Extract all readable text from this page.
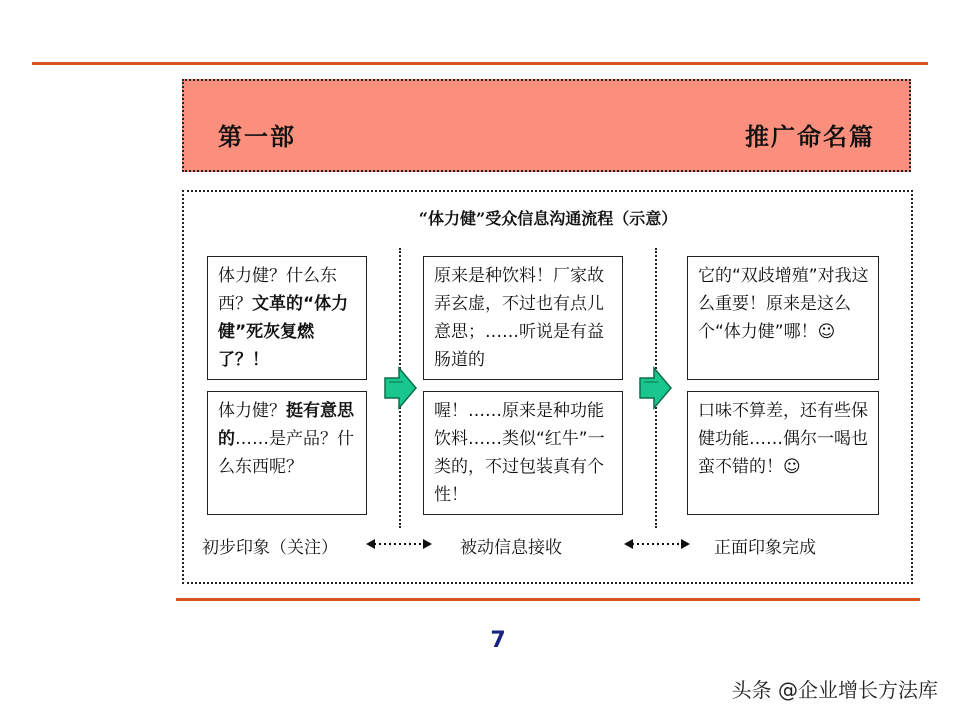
第一部	推广命名篇
“体力健”受众信息沟通流程（示意）
体力健？什么东西？文革的“体力健”死灰复燃了？！
体力健？挺有意思的……是产品？什么东西呢？
原来是种饮料！厂家故弄玄虚，不过也有点儿意思；……听说是有益肠道的
喔！……原来是种功能饮料……类似“红牛”一类的，不过包装真有个性！
它的“双歧增殖”对我这么重要！原来是这么个“体力健”哪！☺
口味不算差，还有些保健功能……偶尔一喝也蛮不错的！☺
初步印象（关注）	被动信息接收	正面印象完成
7
头条 @企业增长方法库
